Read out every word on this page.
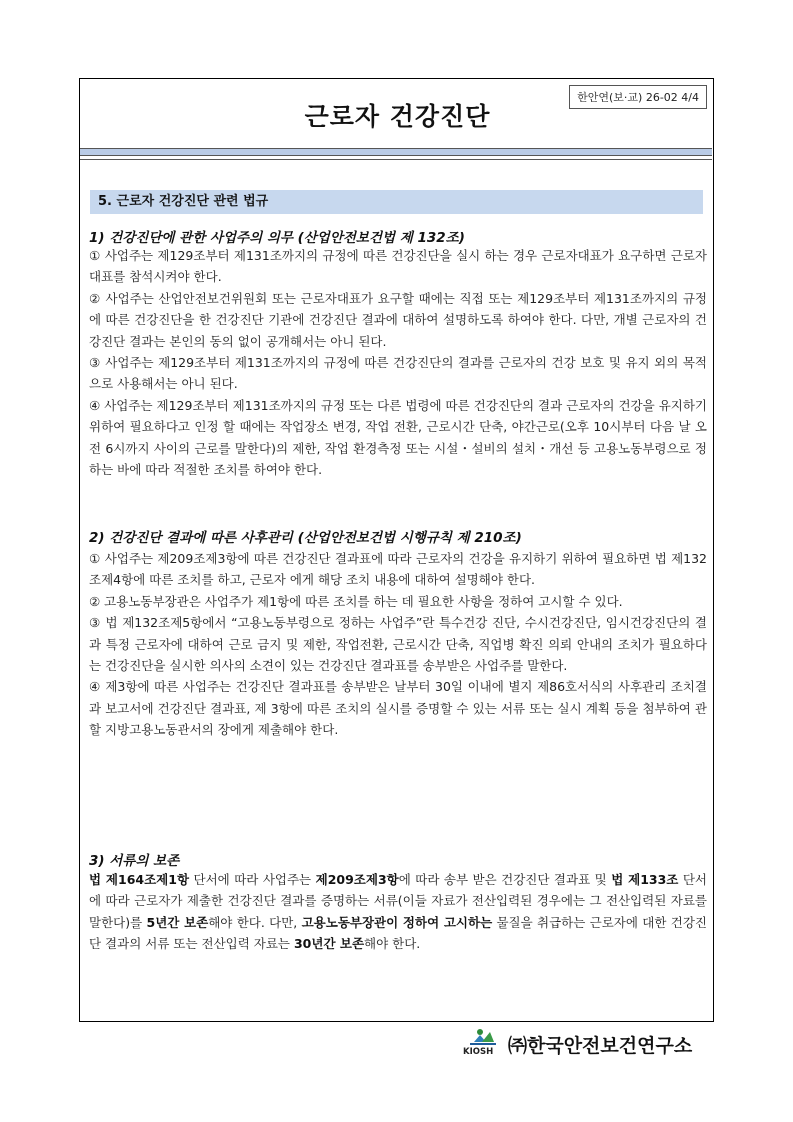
근로자 건강진단
한안연(보·교) 26-02 4/4
5. 근로자 건강진단 관련 법규
1) 건강진단에 관한 사업주의 의무 (산업안전보건법 제 132조)

① 사업주는 제129조부터 제131조까지의 규정에 따른 건강진단을 실시 하는 경우 근로자대표가 요구하면 근로자대표를 참석시켜야 한다.

② 사업주는 산업안전보건위원회 또는 근로자대표가 요구할 때에는 직접 또는 제129조부터 제131조까지의 규정에 따른 건강진단을 한 건강진단 기관에 건강진단 결과에 대하여 설명하도록 하여야 한다. 다만, 개별 근로자의 건강진단 결과는 본인의 동의 없이 공개해서는 아니 된다.

③ 사업주는 제129조부터 제131조까지의 규정에 따른 건강진단의 결과를 근로자의 건강 보호 및 유지 외의 목적으로 사용해서는 아니 된다.

④ 사업주는 제129조부터 제131조까지의 규정 또는 다른 법령에 따른 건강진단의 결과 근로자의 건강을 유지하기 위하여 필요하다고 인정 할 때에는 작업장소 변경, 작업 전환, 근로시간 단축, 야간근로(오후 10시부터 다음 날 오전 6시까지 사이의 근로를 말한다)의 제한, 작업 환경측정 또는 시설・설비의 설치・개선 등 고용노동부령으로 정하는 바에 따라 적절한 조치를 하여야 한다.

2) 건강진단 결과에 따른 사후관리 (산업안전보건법 시행규칙 제 210조)

① 사업주는 제209조제3항에 따른 건강진단 결과표에 따라 근로자의 건강을 유지하기 위하여 필요하면 법 제132조제4항에 따른 조치를 하고, 근로자 에게 해당 조치 내용에 대하여 설명해야 한다.

② 고용노동부장관은 사업주가 제1항에 따른 조치를 하는 데 필요한 사항을 정하여 고시할 수 있다.

③ 법 제132조제5항에서 “고용노동부령으로 정하는 사업주”란 특수건강 진단, 수시건강진단, 임시건강진단의 결과 특정 근로자에 대하여 근로 금지 및 제한, 작업전환, 근로시간 단축, 직업병 확진 의뢰 안내의 조치가 필요하다는 건강진단을 실시한 의사의 소견이 있는 건강진단 결과표를 송부받은 사업주를 말한다.

④ 제3항에 따른 사업주는 건강진단 결과표를 송부받은 날부터 30일 이내에 별지 제86호서식의 사후관리 조치결과 보고서에 건강진단 결과표, 제 3항에 따른 조치의 실시를 증명할 수 있는 서류 또는 실시 계획 등을 첨부하여 관할 지방고용노동관서의 장에게 제출해야 한다.

3) 서류의 보존

법 제164조제1항 단서에 따라 사업주는 제209조제3항에 따라 송부 받은 건강진단 결과표 및 법 제133조 단서에 따라 근로자가 제출한 건강진단 결과를 증명하는 서류(이들 자료가 전산입력된 경우에는 그 전산입력된 자료를 말한다)를 5년간 보존해야 한다. 다만, 고용노동부장관이 정하여 고시하는 물질을 취급하는 근로자에 대한 건강진단 결과의 서류 또는 전산입력 자료는 30년간 보존해야 한다.

KIOSH ㈜한국안전보건연구소
